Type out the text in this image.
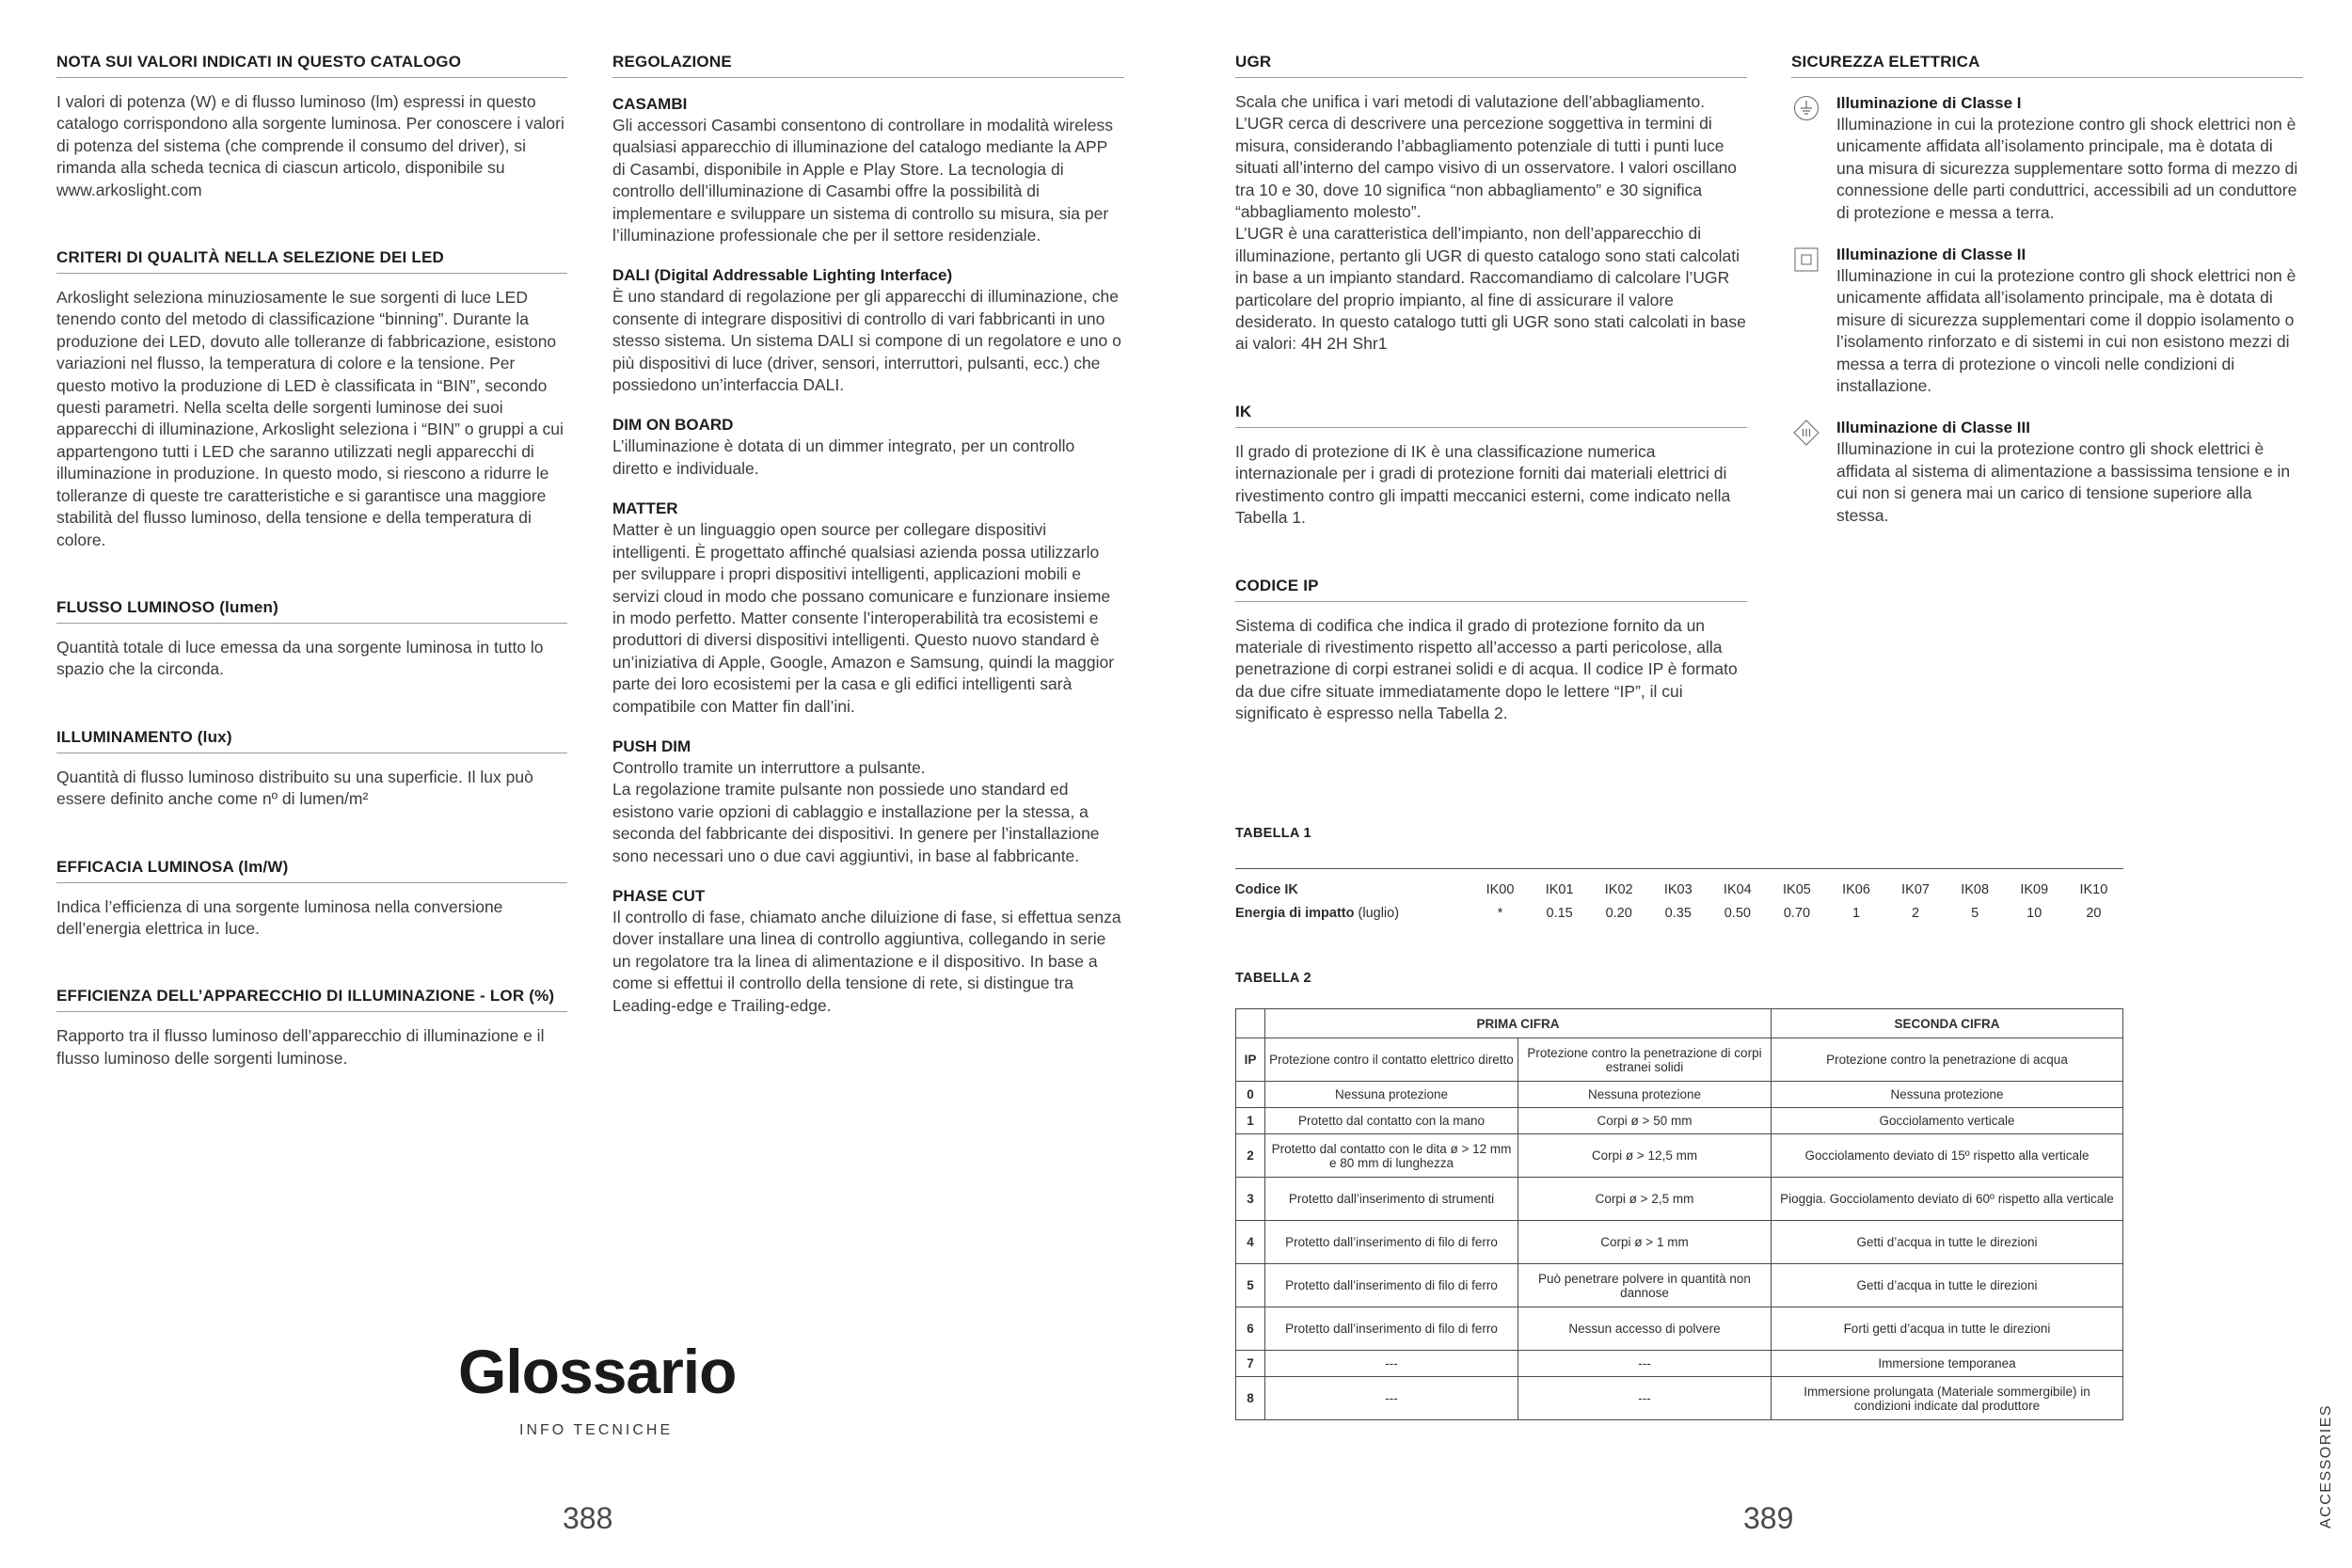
NOTA SUI VALORI INDICATI IN QUESTO CATALOGO

I valori di potenza (W) e di flusso luminoso (lm) espressi in questo catalogo corrispondono alla sorgente luminosa. Per conoscere i valori di potenza del sistema (che comprende il consumo del driver), si rimanda alla scheda tecnica di ciascun articolo, disponibile su www.arkoslight.com

CRITERI DI QUALITÀ NELLA SELEZIONE DEI LED

Arkoslight seleziona minuziosamente le sue sorgenti di luce LED tenendo conto del metodo di classificazione “binning”. Durante la produzione dei LED, dovuto alle tolleranze di fabbricazione, esistono variazioni nel flusso, la temperatura di colore e la tensione. Per questo motivo la produzione di LED è classificata in “BIN”, secondo questi parametri. Nella scelta delle sorgenti luminose dei suoi apparecchi di illuminazione, Arkoslight seleziona i “BIN” o gruppi a cui appartengono tutti i LED che saranno utilizzati negli apparecchi di illuminazione in produzione. In questo modo, si riescono a ridurre le tolleranze di queste tre caratteristiche e si garantisce una maggiore stabilità del flusso luminoso, della tensione e della temperatura di colore.

FLUSSO LUMINOSO (lumen)

Quantità totale di luce emessa da una sorgente luminosa in tutto lo spazio che la circonda.

ILLUMINAMENTO (lux)

Quantità di flusso luminoso distribuito su una superficie. Il lux può essere definito anche come nº di lumen/m²

EFFICACIA LUMINOSA (lm/W)

Indica l’efficienza di una sorgente luminosa nella conversione dell’energia elettrica in luce.

EFFICIENZA DELL’APPARECCHIO DI ILLUMINAZIONE - LOR (%)

Rapporto tra il flusso luminoso dell’apparecchio di illuminazione e il flusso luminoso delle sorgenti luminose.

REGOLAZIONE
CASAMBI

Gli accessori Casambi consentono di controllare in modalità wireless qualsiasi apparecchio di illuminazione del catalogo mediante la APP di Casambi, disponibile in Apple e Play Store. La tecnologia di controllo dell’illuminazione di Casambi offre la possibilità di implementare e sviluppare un sistema di controllo su misura, sia per l’illuminazione professionale che per il settore residenziale.

DALI (Digital Addressable Lighting Interface)

È uno standard di regolazione per gli apparecchi di illuminazione, che consente di integrare dispositivi di controllo di vari fabbricanti in uno stesso sistema. Un sistema DALI si compone di un regolatore e uno o più dispositivi di luce (driver, sensori, interruttori, pulsanti, ecc.) che possiedono un’interfaccia DALI.

DIM ON BOARD

L’illuminazione è dotata di un dimmer integrato, per un controllo diretto e individuale.

MATTER

Matter è un linguaggio open source per collegare dispositivi intelligenti. È progettato affinché qualsiasi azienda possa utilizzarlo per sviluppare i propri dispositivi intelligenti, applicazioni mobili e servizi cloud in modo che possano comunicare e funzionare insieme in modo perfetto. Matter consente l’interoperabilità tra ecosistemi e produttori di diversi dispositivi intelligenti. Questo nuovo standard è un’iniziativa di Apple, Google, Amazon e Samsung, quindi la maggior parte dei loro ecosistemi per la casa e gli edifici intelligenti sarà compatibile con Matter fin dall’ini.

PUSH DIM

Controllo tramite un interruttore a pulsante.
La regolazione tramite pulsante non possiede uno standard ed esistono varie opzioni di cablaggio e installazione per la stessa, a seconda del fabbricante dei dispositivi. In genere per l’installazione sono necessari uno o due cavi aggiuntivi, in base al fabbricante.

PHASE CUT

Il controllo di fase, chiamato anche diluizione di fase, si effettua senza dover installare una linea di controllo aggiuntiva, collegando in serie un regolatore tra la linea di alimentazione e il dispositivo. In base a come si effettui il controllo della tensione di rete, si distingue tra Leading-edge e Trailing-edge.

Glossario
INFO TECNICHE
388
UGR

Scala che unifica i vari metodi di valutazione dell’abbagliamento.
L’UGR cerca di descrivere una percezione soggettiva in termini di misura, considerando l’abbagliamento potenziale di tutti i punti luce situati all’interno del campo visivo di un osservatore. I valori oscillano tra 10 e 30, dove 10 significa “non abbagliamento” e 30 significa “abbagliamento molesto”.
L’UGR è una caratteristica dell’impianto, non dell’apparecchio di illuminazione, pertanto gli UGR di questo catalogo sono stati calcolati in base a un impianto standard. Raccomandiamo di calcolare l’UGR particolare del proprio impianto, al fine di assicurare il valore desiderato. In questo catalogo tutti gli UGR sono stati calcolati in base ai valori: 4H 2H Shr1

IK

Il grado di protezione di IK è una classificazione numerica internazionale per i gradi di protezione forniti dai materiali elettrici di rivestimento contro gli impatti meccanici esterni, come indicato nella Tabella 1.

CODICE IP

Sistema di codifica che indica il grado di protezione fornito da un materiale di rivestimento rispetto all’accesso a parti pericolose, alla penetrazione di corpi estranei solidi e di acqua. Il codice IP è formato da due cifre situate immediatamente dopo le lettere “IP”, il cui significato è espresso nella Tabella 2.

SICUREZZA ELETTRICA
Illuminazione di Classe I

Illuminazione in cui la protezione contro gli shock elettrici non è unicamente affidata all’isolamento principale, ma è dotata di una misura di sicurezza supplementare sotto forma di mezzo di connessione delle parti conduttrici, accessibili ad un conduttore di protezione e messa a terra.

Illuminazione di Classe II

Illuminazione in cui la protezione contro gli shock elettrici non è unicamente affidata all’isolamento principale, ma è dotata di misure di sicurezza supplementari come il doppio isolamento o l’isolamento rinforzato e di sistemi in cui non esistono mezzi di messa a terra di protezione o vincoli nelle condizioni di installazione.

Illuminazione di Classe III

Illuminazione in cui la protezione contro gli shock elettrici è affidata al sistema di alimentazione a bassissima tensione e in cui non si genera mai un carico di tensione superiore alla stessa.

TABELLA 1
Codice IK	IK00	IK01	IK02	IK03	IK04	IK05	IK06	IK07	IK08	IK09	IK10
Energia di impatto (luglio)	*	0.15	0.20	0.35	0.50	0.70	1	2	5	10	20
TABELLA 2
	PRIMA CIFRA		SECONDA CIFRA
IP	Protezione contro il contatto elettrico diretto	Protezione contro la penetrazione di corpi estranei solidi	Protezione contro la penetrazione di acqua
0	Nessuna protezione	Nessuna protezione	Nessuna protezione
1	Protetto dal contatto con la mano	Corpi ø > 50 mm	Gocciolamento verticale
2	Protetto dal contatto con le dita ø > 12 mm e 80 mm di lunghezza	Corpi ø > 12,5 mm	Gocciolamento deviato di 15º rispetto alla verticale
3	Protetto dall’inserimento di strumenti	Corpi ø > 2,5 mm	Pioggia. Gocciolamento deviato di 60º rispetto alla verticale
4	Protetto dall’inserimento di filo di ferro	Corpi ø > 1 mm	Getti d’acqua in tutte le direzioni
5	Protetto dall’inserimento di filo di ferro	Può penetrare polvere in quantità non dannose	Getti d’acqua in tutte le direzioni
6	Protetto dall’inserimento di filo di ferro	Nessun accesso di polvere	Forti getti d’acqua in tutte le direzioni
7	---	---	Immersione temporanea
8	---	---	Immersione prolungata (Materiale sommergibile) in condizioni indicate dal produttore
389	ACCESSORIES
